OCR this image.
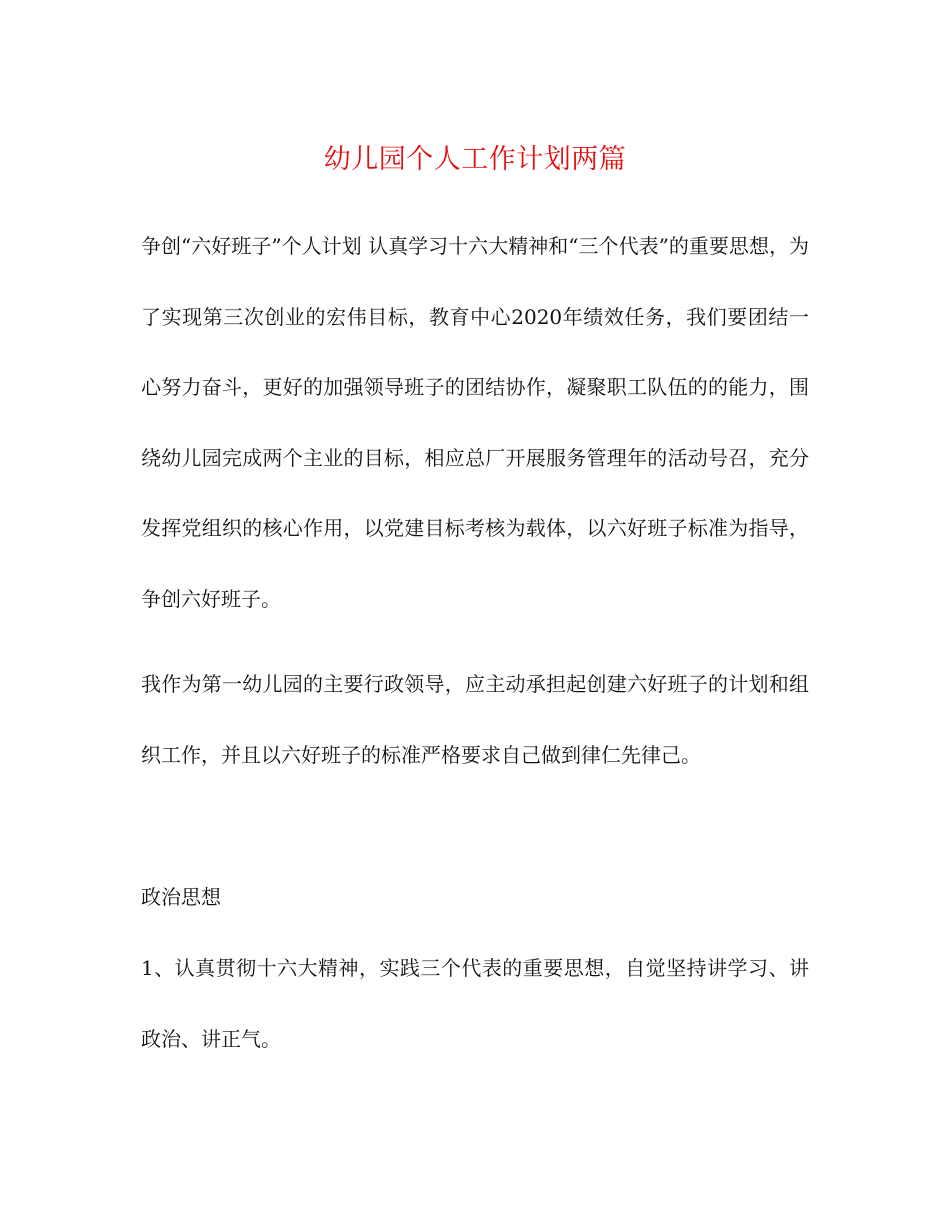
幼儿园个人工作计划两篇

争创“六好班子”个人计划 认真学习十六大精神和“三个代表”的重要思想，为了实现第三次创业的宏伟目标，教育中心2020年绩效任务，我们要团结一心努力奋斗，更好的加强领导班子的团结协作，凝聚职工队伍的的能力，围绕幼儿园完成两个主业的目标，相应总厂开展服务管理年的活动号召，充分发挥党组织的核心作用，以党建目标考核为载体，以六好班子标准为指导，争创六好班子。

我作为第一幼儿园的主要行政领导，应主动承担起创建六好班子的计划和组织工作，并且以六好班子的标准严格要求自己做到律仁先律己。

政治思想

1、认真贯彻十六大精神，实践三个代表的重要思想，自觉坚持讲学习、讲政治、讲正气。
